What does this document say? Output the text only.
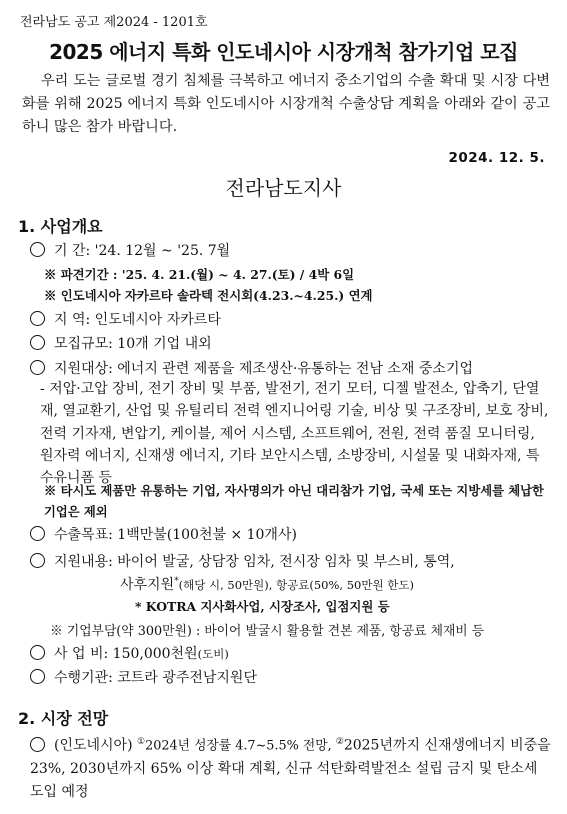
전라남도 공고 제2024 - 1201호
2025 에너지 특화 인도네시아 시장개척 참가기업 모집
우리 도는 글로벌 경기 침체를 극복하고 에너지 중소기업의 수출 확대 및 시장 다변화를 위해 2025 에너지 특화 인도네시아 시장개척 수출상담 계획을 아래와 같이 공고하니 많은 참가 바랍니다.
2024. 12. 5.
전라남도지사
1. 사업개요
기 간: '24. 12월 ~ '25. 7월
※ 파견기간 : '25. 4. 21.(월) ~ 4. 27.(토) / 4박 6일
※ 인도네시아 자카르타 솔라텍 전시회(4.23.~4.25.) 연계
지 역: 인도네시아 자카르타
모집규모: 10개 기업 내외
지원대상: 에너지 관련 제품을 제조생산·유통하는 전남 소재 중소기업
- 저압·고압 장비, 전기 장비 및 부품, 발전기, 전기 모터, 디젤 발전소, 압축기, 단열재, 열교환기, 산업 및 유틸리티 전력 엔지니어링 기술, 비상 및 구조장비, 보호 장비, 전력 기자재, 변압기, 케이블, 제어 시스템, 소프트웨어, 전원, 전력 품질 모니터링, 원자력 에너지, 신재생 에너지, 기타 보안시스템, 소방장비, 시설물 및 내화자재, 특수유니폼 등
※ 타시도 제품만 유통하는 기업, 자사명의가 아닌 대리참가 기업, 국세 또는 지방세를 체납한 기업은 제외
수출목표: 1백만불(100천불 × 10개사)
지원내용: 바이어 발굴, 상담장 임차, 전시장 임차 및 부스비, 통역,
사후지원*(해당 시, 50만원), 항공료(50%, 50만원 한도)
* KOTRA 지사화사업, 시장조사, 입점지원 등
※ 기업부담(약 300만원) : 바이어 발굴시 활용할 견본 제품, 항공료 체재비 등
사 업 비: 150,000천원(도비)
수행기관: 코트라 광주전남지원단
2. 시장 전망
(인도네시아) ①2024년 성장률 4.7~5.5% 전망, ②2025년까지 신재생에너지 비중을 23%, 2030년까지 65% 이상 확대 계획, 신규 석탄화력발전소 설립 금지 및 탄소세 도입 예정
